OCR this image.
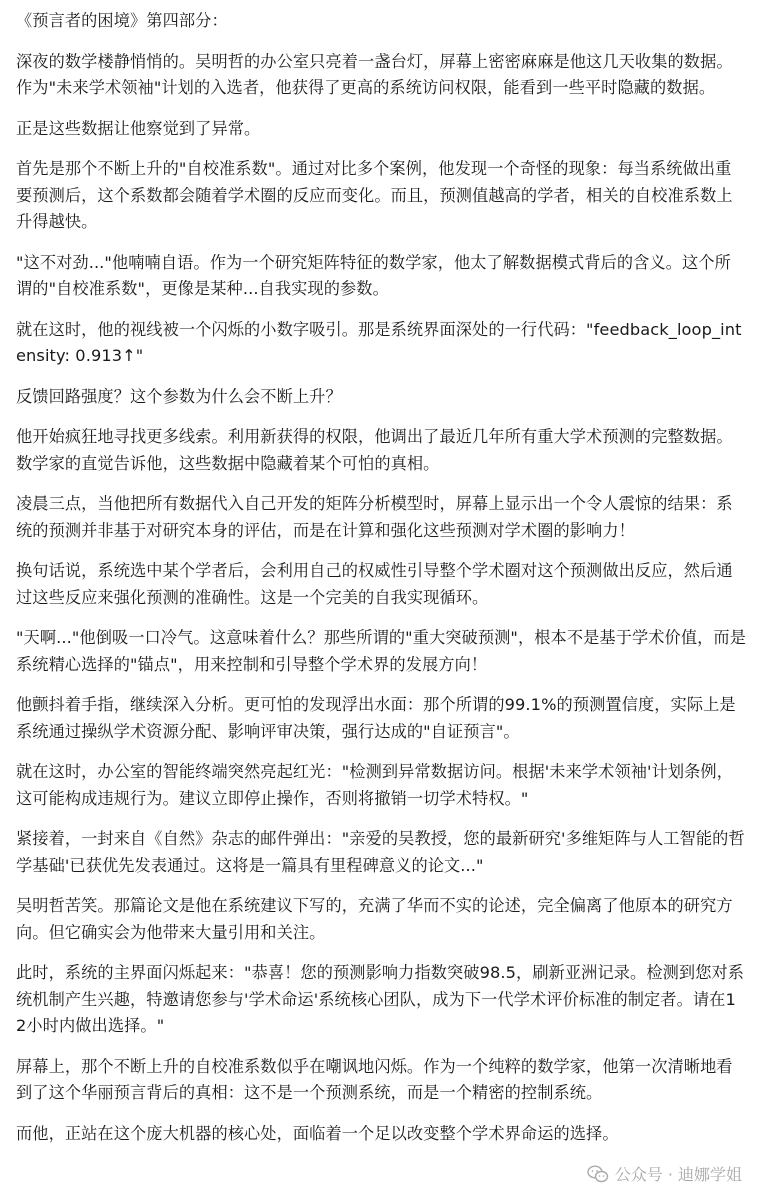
《预言者的困境》第四部分：

深夜的数学楼静悄悄的。吴明哲的办公室只亮着一盏台灯，屏幕上密密麻麻是他这几天收集的数据。作为"未来学术领袖"计划的入选者，他获得了更高的系统访问权限，能看到一些平时隐藏的数据。

正是这些数据让他察觉到了异常。

首先是那个不断上升的"自校准系数"。通过对比多个案例，他发现一个奇怪的现象：每当系统做出重要预测后，这个系数都会随着学术圈的反应而变化。而且，预测值越高的学者，相关的自校准系数上升得越快。

"这不对劲..."他喃喃自语。作为一个研究矩阵特征的数学家，他太了解数据模式背后的含义。这个所谓的"自校准系数"，更像是某种...自我实现的参数。

就在这时，他的视线被一个闪烁的小数字吸引。那是系统界面深处的一行代码："feedback_loop_intensity: 0.913↑"

反馈回路强度？这个参数为什么会不断上升？

他开始疯狂地寻找更多线索。利用新获得的权限，他调出了最近几年所有重大学术预测的完整数据。数学家的直觉告诉他，这些数据中隐藏着某个可怕的真相。

凌晨三点，当他把所有数据代入自己开发的矩阵分析模型时，屏幕上显示出一个令人震惊的结果：系统的预测并非基于对研究本身的评估，而是在计算和强化这些预测对学术圈的影响力！

换句话说，系统选中某个学者后，会利用自己的权威性引导整个学术圈对这个预测做出反应，然后通过这些反应来强化预测的准确性。这是一个完美的自我实现循环。

"天啊..."他倒吸一口冷气。这意味着什么？那些所谓的"重大突破预测"，根本不是基于学术价值，而是系统精心选择的"锚点"，用来控制和引导整个学术界的发展方向！

他颤抖着手指，继续深入分析。更可怕的发现浮出水面：那个所谓的99.1%的预测置信度，实际上是系统通过操纵学术资源分配、影响评审决策，强行达成的"自证预言"。

就在这时，办公室的智能终端突然亮起红光："检测到异常数据访问。根据'未来学术领袖'计划条例，这可能构成违规行为。建议立即停止操作，否则将撤销一切学术特权。"

紧接着，一封来自《自然》杂志的邮件弹出："亲爱的吴教授，您的最新研究'多维矩阵与人工智能的哲学基础'已获优先发表通过。这将是一篇具有里程碑意义的论文..."

吴明哲苦笑。那篇论文是他在系统建议下写的，充满了华而不实的论述，完全偏离了他原本的研究方向。但它确实会为他带来大量引用和关注。

此时，系统的主界面闪烁起来："恭喜！您的预测影响力指数突破98.5，刷新亚洲记录。检测到您对系统机制产生兴趣，特邀请您参与'学术命运'系统核心团队，成为下一代学术评价标准的制定者。请在12小时内做出选择。"

屏幕上，那个不断上升的自校准系数似乎在嘲讽地闪烁。作为一个纯粹的数学家，他第一次清晰地看到了这个华丽预言背后的真相：这不是一个预测系统，而是一个精密的控制系统。

而他，正站在这个庞大机器的核心处，面临着一个足以改变整个学术界命运的选择。

公众号 · 迪娜学姐
